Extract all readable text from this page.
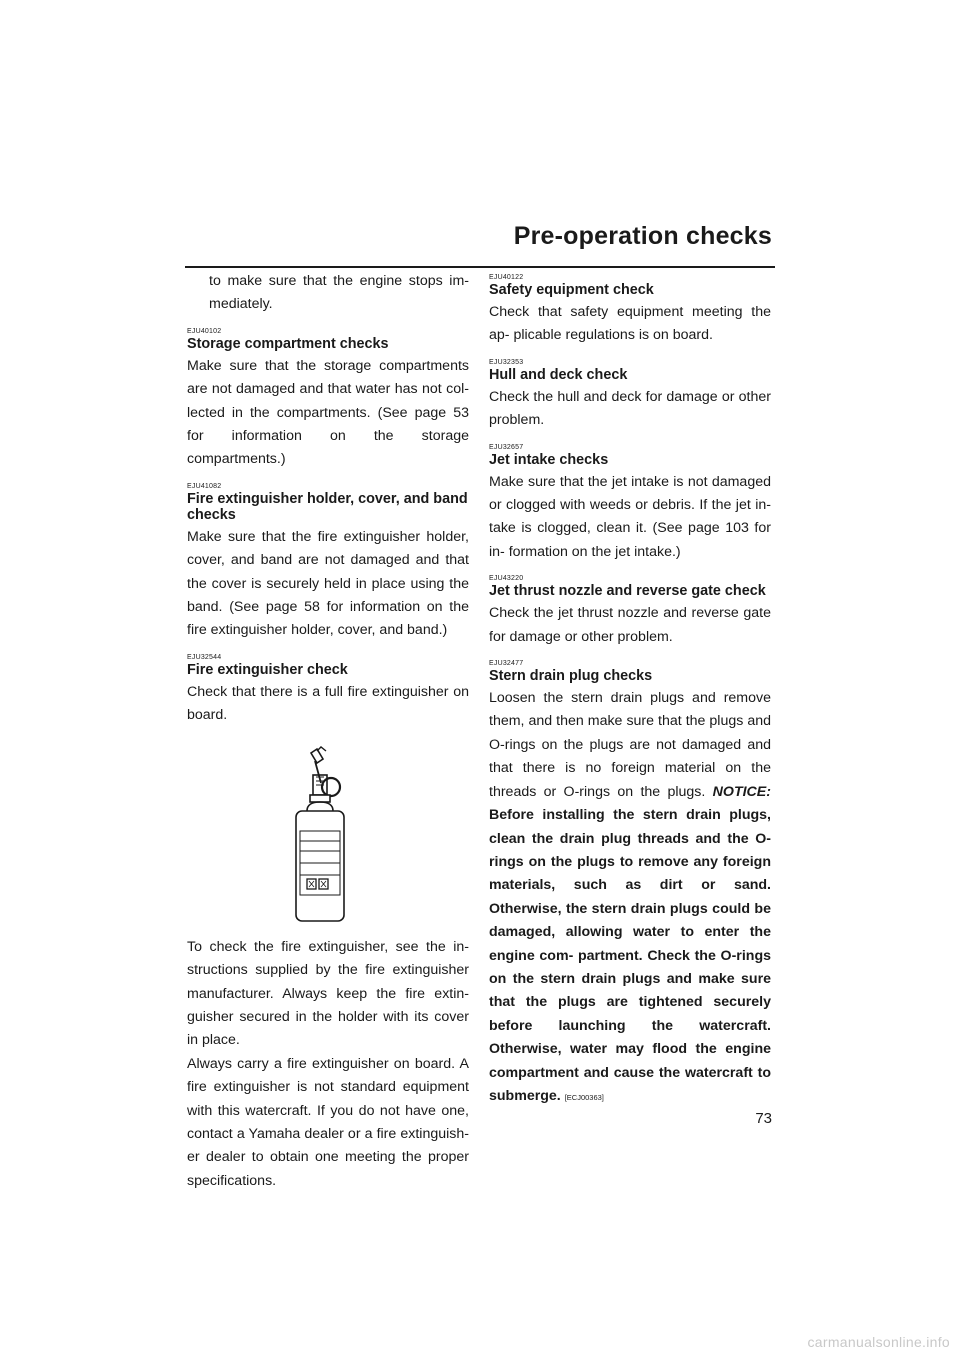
Pre-operation checks

to make sure that the engine stops im- mediately.

EJU40102
Storage compartment checks

Make sure that the storage compartments are not damaged and that water has not col- lected in the compartments. (See page 53 for information on the storage compartments.)

EJU41082
Fire extinguisher holder, cover, and band checks

Make sure that the fire extinguisher holder, cover, and band are not damaged and that the cover is securely held in place using the band. (See page 58 for information on the fire extinguisher holder, cover, and band.)

EJU32544
Fire extinguisher check

Check that there is a full fire extinguisher on board.

To check the fire extinguisher, see the in- structions supplied by the fire extinguisher manufacturer. Always keep the fire extin- guisher secured in the holder with its cover in place.

Always carry a fire extinguisher on board. A fire extinguisher is not standard equipment with this watercraft. If you do not have one, contact a Yamaha dealer or a fire extinguish- er dealer to obtain one meeting the proper specifications.

EJU40122
Safety equipment check

Check that safety equipment meeting the ap- plicable regulations is on board.

EJU32353
Hull and deck check

Check the hull and deck for damage or other problem.

EJU32657
Jet intake checks

Make sure that the jet intake is not damaged or clogged with weeds or debris. If the jet in- take is clogged, clean it. (See page 103 for in- formation on the jet intake.)

EJU43220
Jet thrust nozzle and reverse gate check

Check the jet thrust nozzle and reverse gate for damage or other problem.

EJU32477
Stern drain plug checks

Loosen the stern drain plugs and remove them, and then make sure that the plugs and O-rings on the plugs are not damaged and that there is no foreign material on the threads or O-rings on the plugs. NOTICE: Before installing the stern drain plugs, clean the drain plug threads and the O- rings on the plugs to remove any foreign materials, such as dirt or sand. Otherwise, the stern drain plugs could be damaged, allowing water to enter the engine com- partment. Check the O-rings on the stern drain plugs and make sure that the plugs are tightened securely before launching the watercraft. Otherwise, water may flood the engine compartment and cause the watercraft to submerge. [ECJ00363]

73
carmanualsonline.info
